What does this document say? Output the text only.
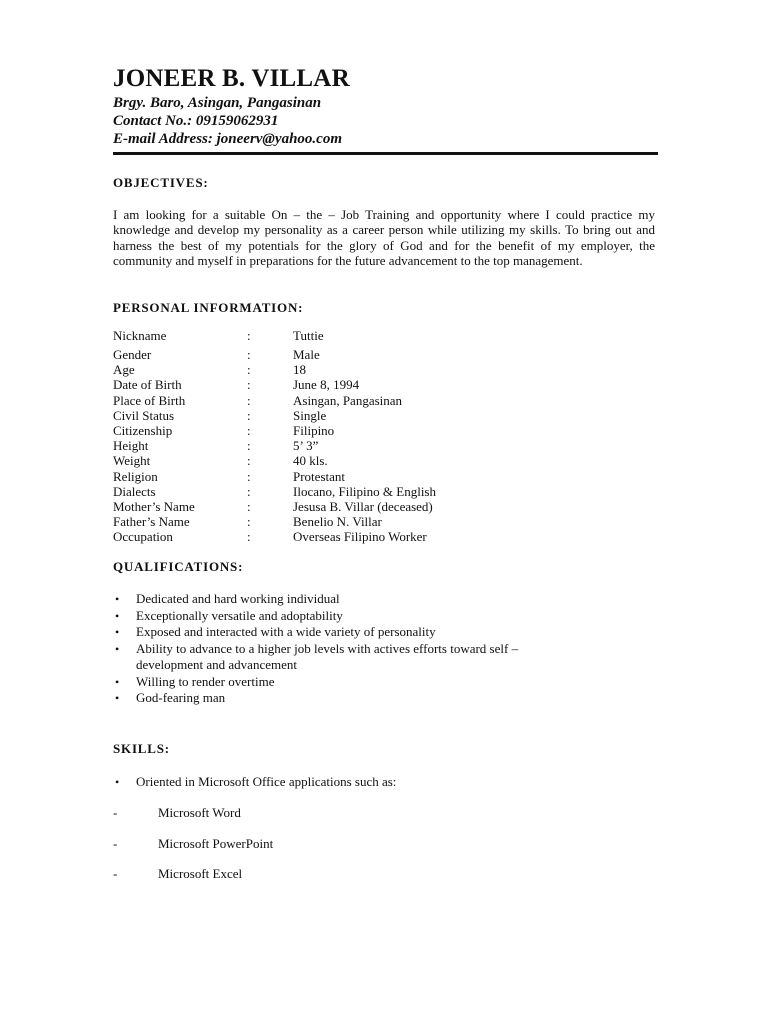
JONEER B. VILLAR

Brgy. Baro, Asingan, Pangasinan

Contact No.: 09159062931

E-mail Address: joneerv@yahoo.com

OBJECTIVES:

I am looking for a suitable On – the – Job Training and opportunity where I could practice my knowledge and develop my personality as a career person while utilizing my skills. To bring out and harness the best of my potentials for the glory of God and for the benefit of my employer, the community and myself in preparations for the future advancement to the top management.

PERSONAL INFORMATION:
Nickname	:	Tuttie
Gender	:	Male
Age	:	18
Date of Birth	:	June 8, 1994
Place of Birth	:	Asingan, Pangasinan
Civil Status	:	Single
Citizenship	:	Filipino
Height	:	5’ 3”
Weight	:	40 kls.
Religion	:	Protestant
Dialects	:	Ilocano, Filipino & English
Mother’s Name	:	Jesusa B. Villar (deceased)
Father’s Name	:	Benelio N. Villar
Occupation	:	Overseas Filipino Worker
QUALIFICATIONS:
• Dedicated and hard working individual
• Exceptionally versatile and adoptability
• Exposed and interacted with a wide variety of personality
• Ability to advance to a higher job levels with actives efforts toward self –development and advancement
• Willing to render overtime
• God-fearing man
SKILLS:
• Oriented in Microsoft Office applications such as:
-	Microsoft Word
-	Microsoft PowerPoint
-	Microsoft Excel
